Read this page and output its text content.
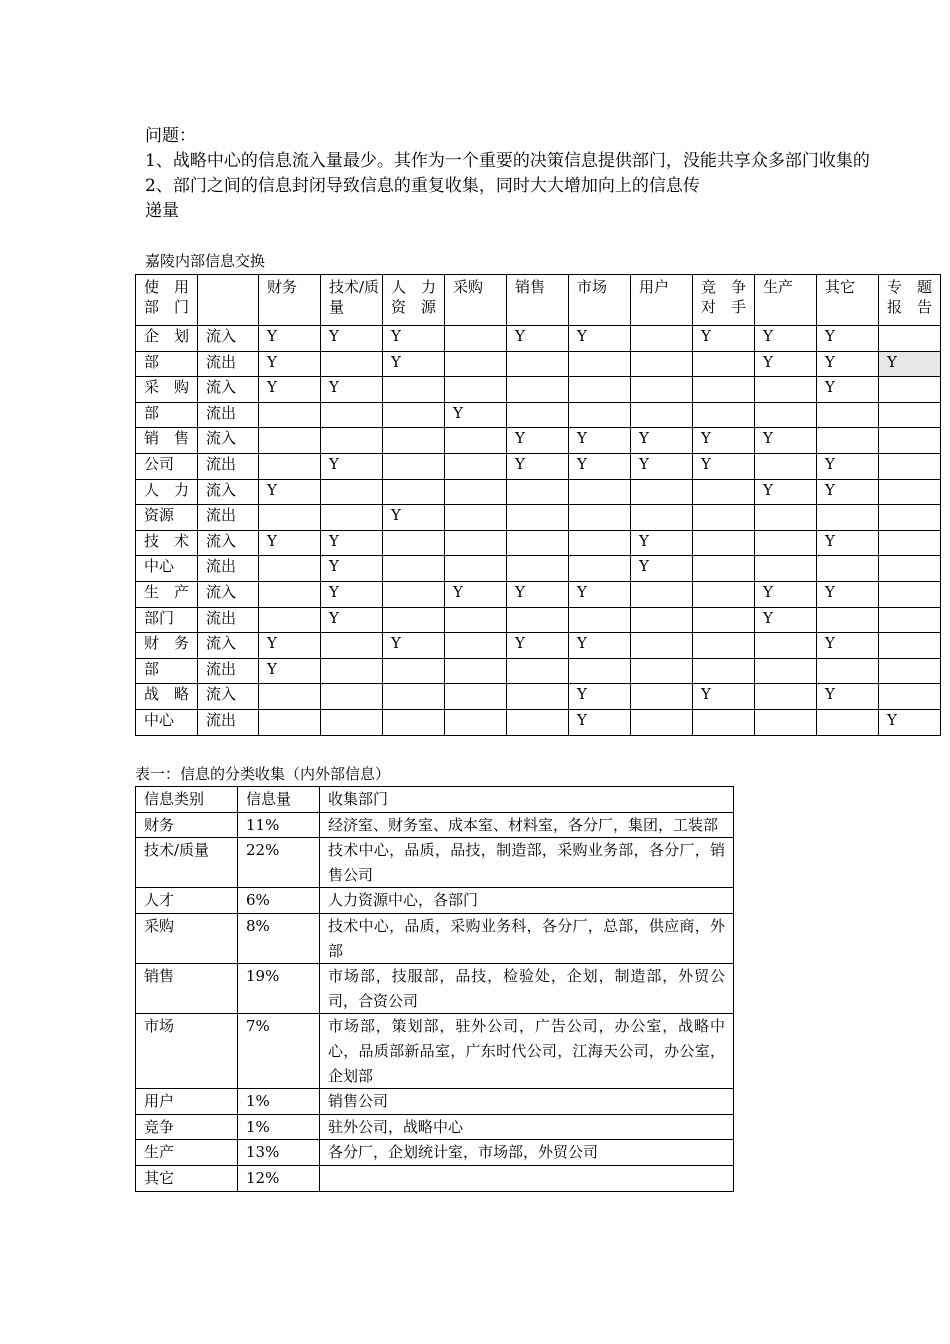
问题：
1、战略中心的信息流入量最少。其作为一个重要的决策信息提供部门，没能共享众多部门收集的
2、部门之间的信息封闭导致信息的重复收集，同时大大增加向上的信息传
递量
嘉陵内部信息交换
使 用 部门		财务	技术/质量	人 力 资源	采购	销售	市场	用户	竞 争 对手	生产	其它	专 题 报告
企 划	流入	Y	Y	Y		Y	Y		Y	Y	Y	
部	流出	Y		Y						Y	Y	Y
采 购	流入	Y	Y								Y	
部	流出				Y							
销 售	流入					Y	Y	Y	Y	Y		
公司	流出		Y			Y	Y	Y	Y		Y	
人 力	流入	Y								Y	Y	
资源	流出			Y								
技 术	流入	Y	Y					Y			Y	
中心	流出		Y					Y				
生 产	流入		Y		Y	Y	Y			Y	Y	
部门	流出		Y							Y		
财 务	流入	Y		Y		Y	Y				Y	
部	流出	Y										
战 略	流入						Y		Y		Y	
中心	流出						Y					Y
表一：信息的分类收集（内外部信息）
信息类别	信息量	收集部门
财务	11%	经济室、财务室、成本室、材料室，各分厂，集团，工装部
技术/质量	22%	技术中心，品质，品技，制造部，采购业务部，各分厂，销售公司
人才	6%	人力资源中心，各部门
采购	8%	技术中心，品质，采购业务科，各分厂，总部，供应商，外部
销售	19%	市场部，技服部，品技，检验处，企划，制造部，外贸公司，合资公司
市场	7%	市场部，策划部，驻外公司，广告公司，办公室，战略中心，品质部新品室，广东时代公司，江海天公司，办公室，企划部
用户	1%	销售公司
竞争	1%	驻外公司，战略中心
生产	13%	各分厂，企划统计室，市场部，外贸公司
其它	12%	
